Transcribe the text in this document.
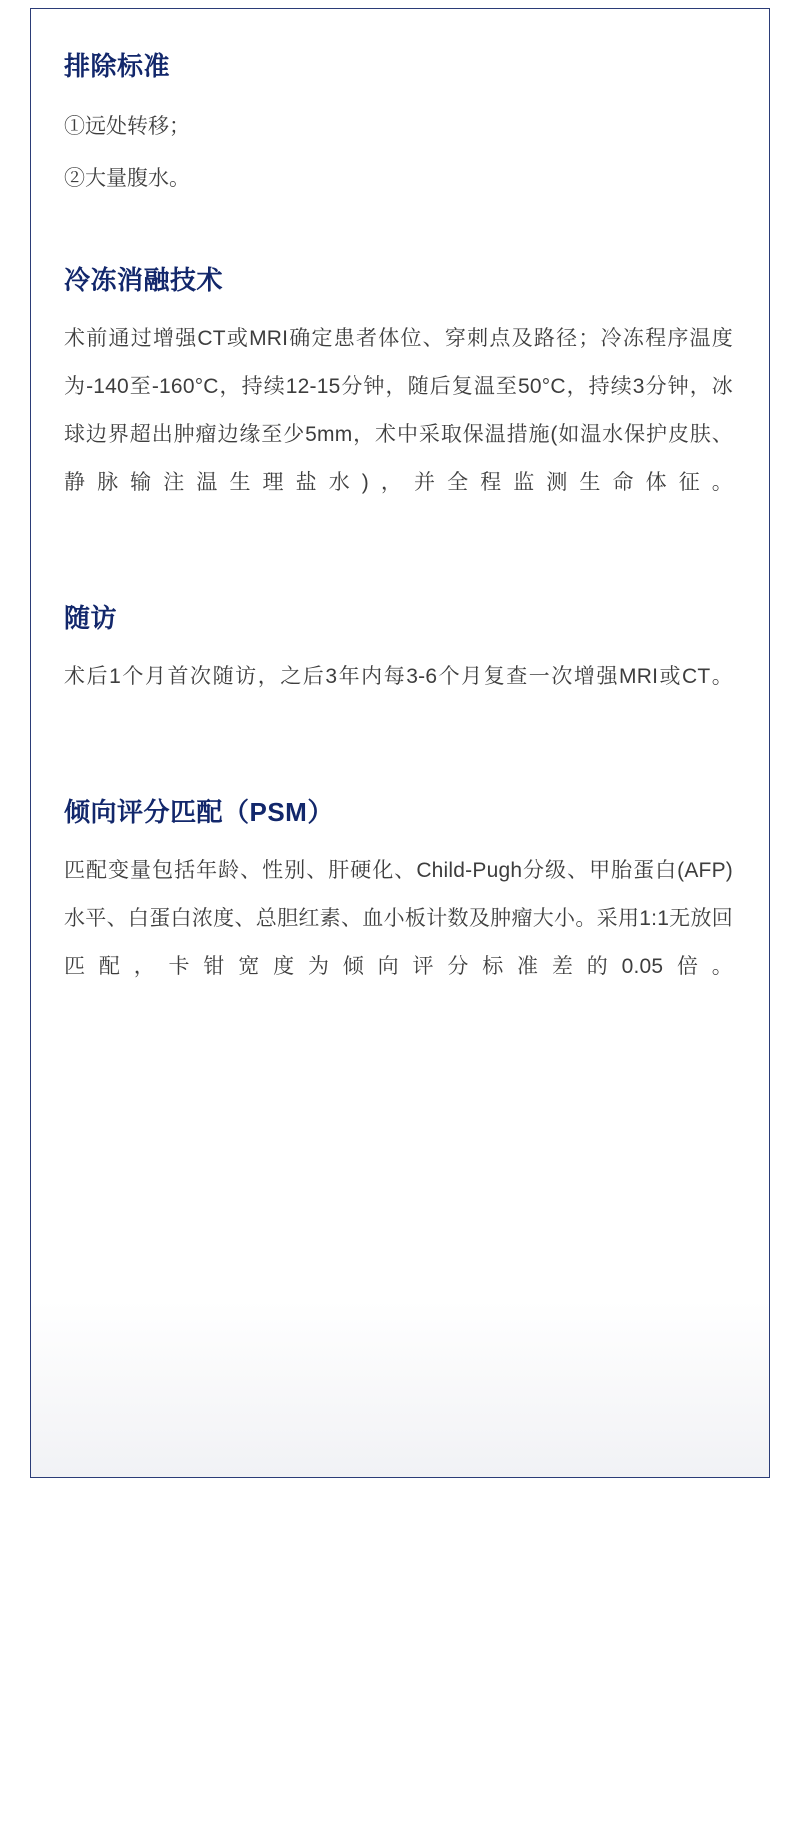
排除标准

①远处转移；

②大量腹水。

冷冻消融技术

术前通过增强CT或MRI确定患者体位、穿刺点及路径；冷冻程序温度为-140至-160°C，持续12-15分钟，随后复温至50°C，持续3分钟，冰球边界超出肿瘤边缘至少5mm，术中采取保温措施(如温水保护皮肤、静脉输注温生理盐水)，并全程监测生命体征。

随访

术后1个月首次随访，之后3年内每3-6个月复查一次增强MRI或CT。

倾向评分匹配（PSM）

匹配变量包括年龄、性别、肝硬化、Child-Pugh分级、甲胎蛋白(AFP)水平、白蛋白浓度、总胆红素、血小板计数及肿瘤大小。采用1:1无放回匹配，卡钳宽度为倾向评分标准差的0.05倍。
